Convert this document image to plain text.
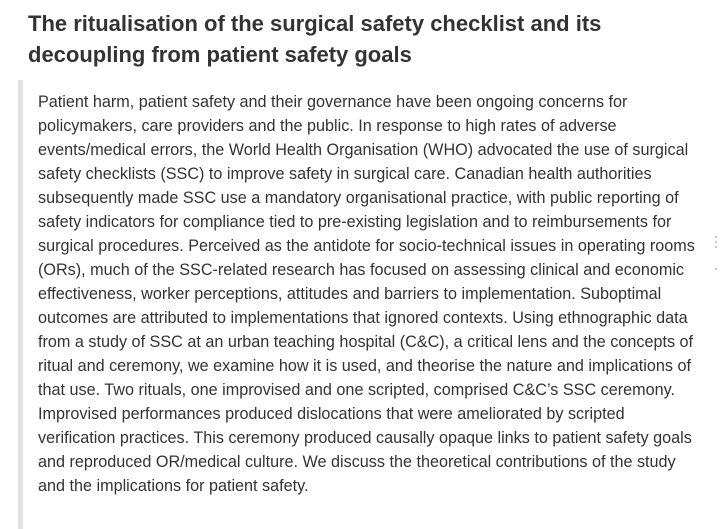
The ritualisation of the surgical safety checklist and its decoupling from patient safety goals

Patient harm, patient safety and their governance have been ongoing concerns for policymakers, care providers and the public. In response to high rates of adverse events/medical errors, the World Health Organisation (WHO) advocated the use of surgical safety checklists (SSC) to improve safety in surgical care. Canadian health authorities subsequently made SSC use a mandatory organisational practice, with public reporting of safety indicators for compliance tied to pre-existing legislation and to reimbursements for surgical procedures. Perceived as the antidote for socio-technical issues in operating rooms (ORs), much of the SSC-related research has focused on assessing clinical and economic effectiveness, worker perceptions, attitudes and barriers to implementation. Suboptimal outcomes are attributed to implementations that ignored contexts. Using ethnographic data from a study of SSC at an urban teaching hospital (C&C), a critical lens and the concepts of ritual and ceremony, we examine how it is used, and theorise the nature and implications of that use. Two rituals, one improvised and one scripted, comprised C&C’s SSC ceremony. Improvised performances produced dislocations that were ameliorated by scripted verification practices. This ceremony produced causally opaque links to patient safety goals and reproduced OR/medical culture. We discuss the theoretical contributions of the study and the implications for patient safety.
